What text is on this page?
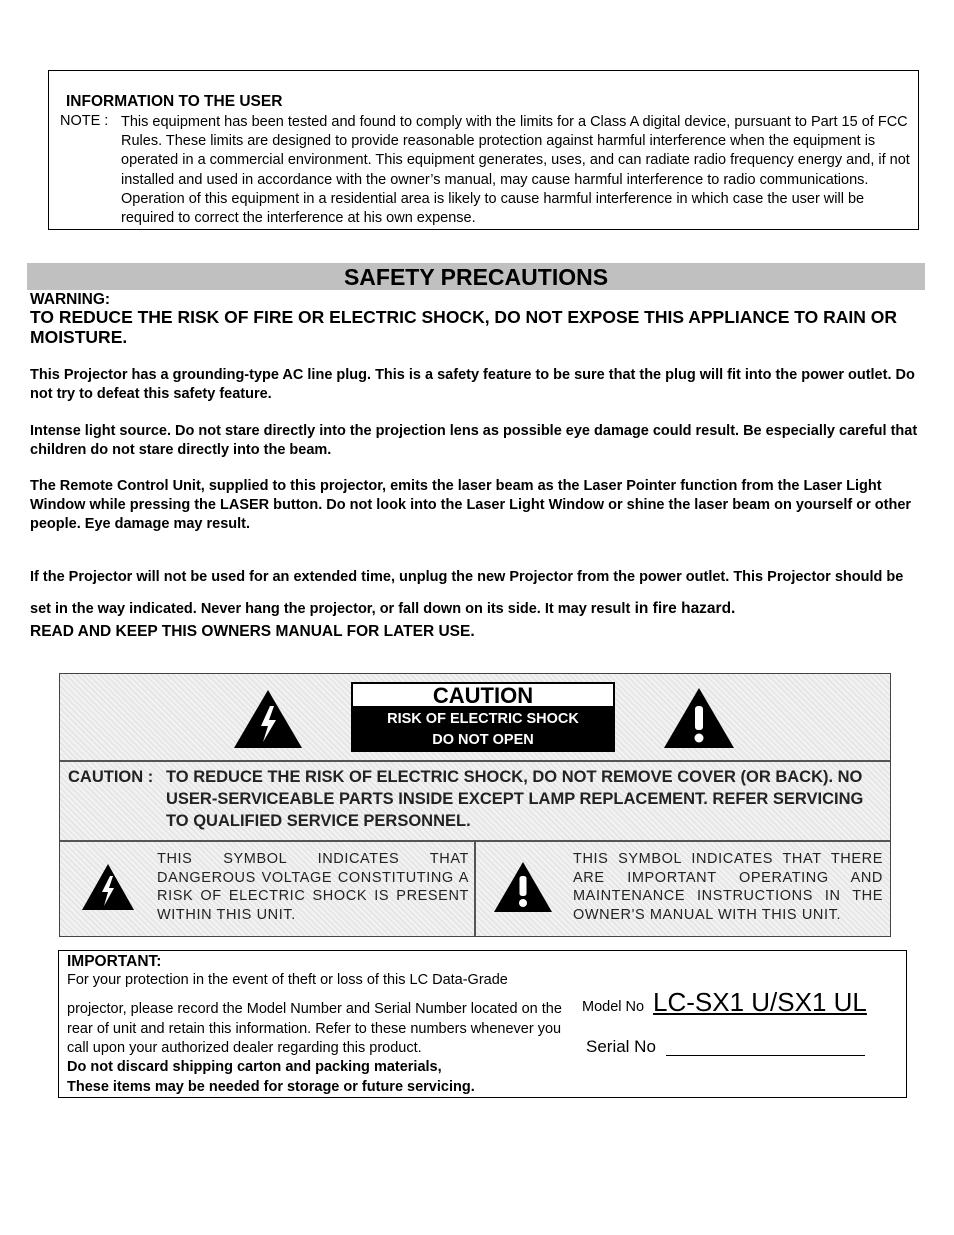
INFORMATION TO THE USER
NOTE : This equipment has been tested and found to comply with the limits for a Class A digital device, pursuant to Part 15 of FCC Rules. These limits are designed to provide reasonable protection against harmful interference when the equipment is operated in a commercial environment. This equipment generates, uses, and can radiate radio frequency energy and, if not installed and used in accordance with the owner’s manual, may cause harmful interference to radio communications. Operation of this equipment in a residential area is likely to cause harmful interference in which case the user will be required to correct the interference at his own expense.
SAFETY PRECAUTIONS
WARNING:
TO REDUCE THE RISK OF FIRE OR ELECTRIC SHOCK, DO NOT EXPOSE THIS APPLIANCE TO RAIN OR MOISTURE.
This Projector has a grounding-type AC line plug. This is a safety feature to be sure that the plug will fit into the power outlet. Do not try to defeat this safety feature.
Intense light source. Do not stare directly into the projection lens as possible eye damage could result. Be especially careful that children do not stare directly into the beam.
The Remote Control Unit, supplied to this projector, emits the laser beam as the Laser Pointer function from the Laser Light Window while pressing the LASER button. Do not look into the Laser Light Window or shine the laser beam on yourself or other people. Eye damage may result.
If the Projector will not be used for an extended time, unplug the new Projector from the power outlet. This Projector should be set in the way indicated. Never hang the projector, or fall down on its side. It may result in fire hazard.
READ AND KEEP THIS OWNERS MANUAL FOR LATER USE.
CAUTION
RISK OF ELECTRIC SHOCK
DO NOT OPEN
CAUTION : TO REDUCE THE RISK OF ELECTRIC SHOCK, DO NOT REMOVE COVER (OR BACK). NO USER-SERVICEABLE PARTS INSIDE EXCEPT LAMP REPLACEMENT. REFER SERVICING TO QUALIFIED SERVICE PERSONNEL.
THIS SYMBOL INDICATES THAT DANGEROUS VOLTAGE CONSTITUTING A RISK OF ELECTRIC SHOCK IS PRESENT WITHIN THIS UNIT.
THIS SYMBOL INDICATES THAT THERE ARE IMPORTANT OPERATING AND MAINTENANCE INSTRUCTIONS IN THE OWNER'S MANUAL WITH THIS UNIT.
IMPORTANT:
For your protection in the event of theft or loss of this LC Data-Grade
projector, please record the Model Number and Serial Number located on the rear of unit and retain this information. Refer to these numbers whenever you call upon your authorized dealer regarding this product.
Do not discard shipping carton and packing materials,
These items may be needed for storage or future servicing.
Model No LC-SX1 U/SX1 UL
Serial No
